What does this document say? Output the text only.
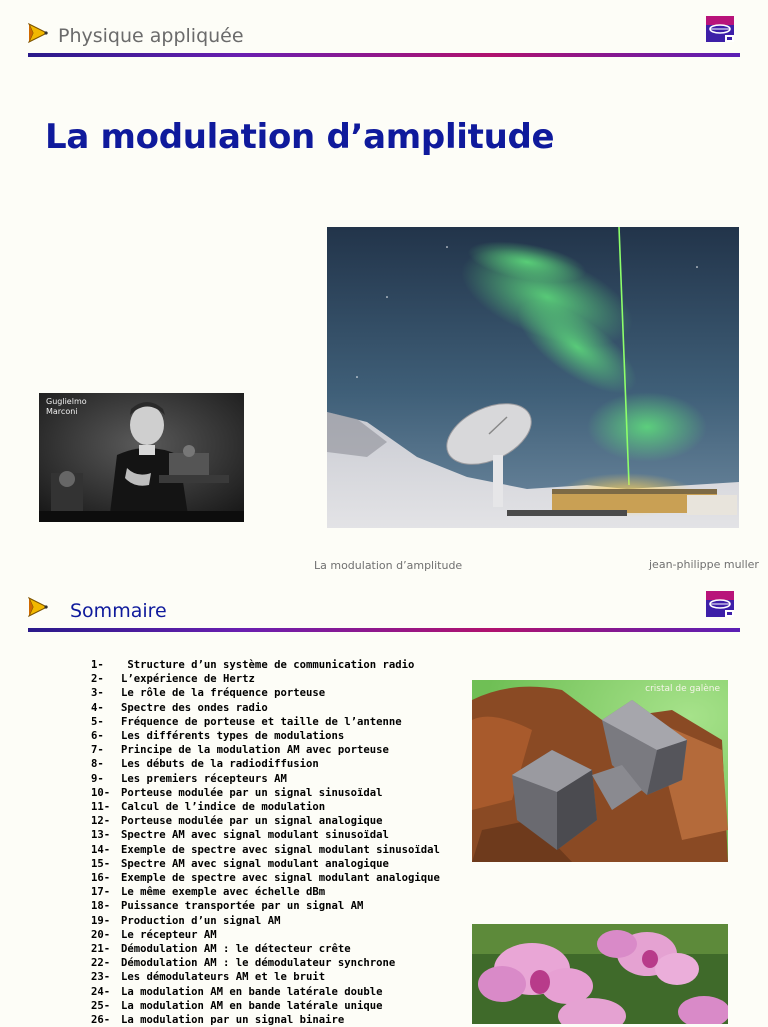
Physique appliquée
La modulation d’amplitude
Guglielmo
Marconi
La modulation d’amplitude	jean-philippe muller
Sommaire
1- Structure d’un système de communication radio
2- L’expérience de Hertz
3- Le rôle de la fréquence porteuse
4- Spectre des ondes radio
5- Fréquence de porteuse et taille de l’antenne
6- Les différents types de modulations
7- Principe de la modulation AM avec porteuse
8- Les débuts de la radiodiffusion
9- Les premiers récepteurs AM
10- Porteuse modulée par un signal sinusoïdal
11- Calcul de l’indice de modulation
12- Porteuse modulée par un signal analogique
13- Spectre AM avec signal modulant sinusoïdal
14- Exemple de spectre avec signal modulant sinusoïdal
15- Spectre AM avec signal modulant analogique
16- Exemple de spectre avec signal modulant analogique
17- Le même exemple avec échelle dBm
18- Puissance transportée par un signal AM
19- Production d’un signal AM
20- Le récepteur AM
21- Démodulation AM : le détecteur crête
22- Démodulation AM : le démodulateur synchrone
23- Les démodulateurs AM et le bruit
24- La modulation AM en bande latérale double
25- La modulation AM en bande latérale unique
26- La modulation par un signal binaire
cristal de galène
